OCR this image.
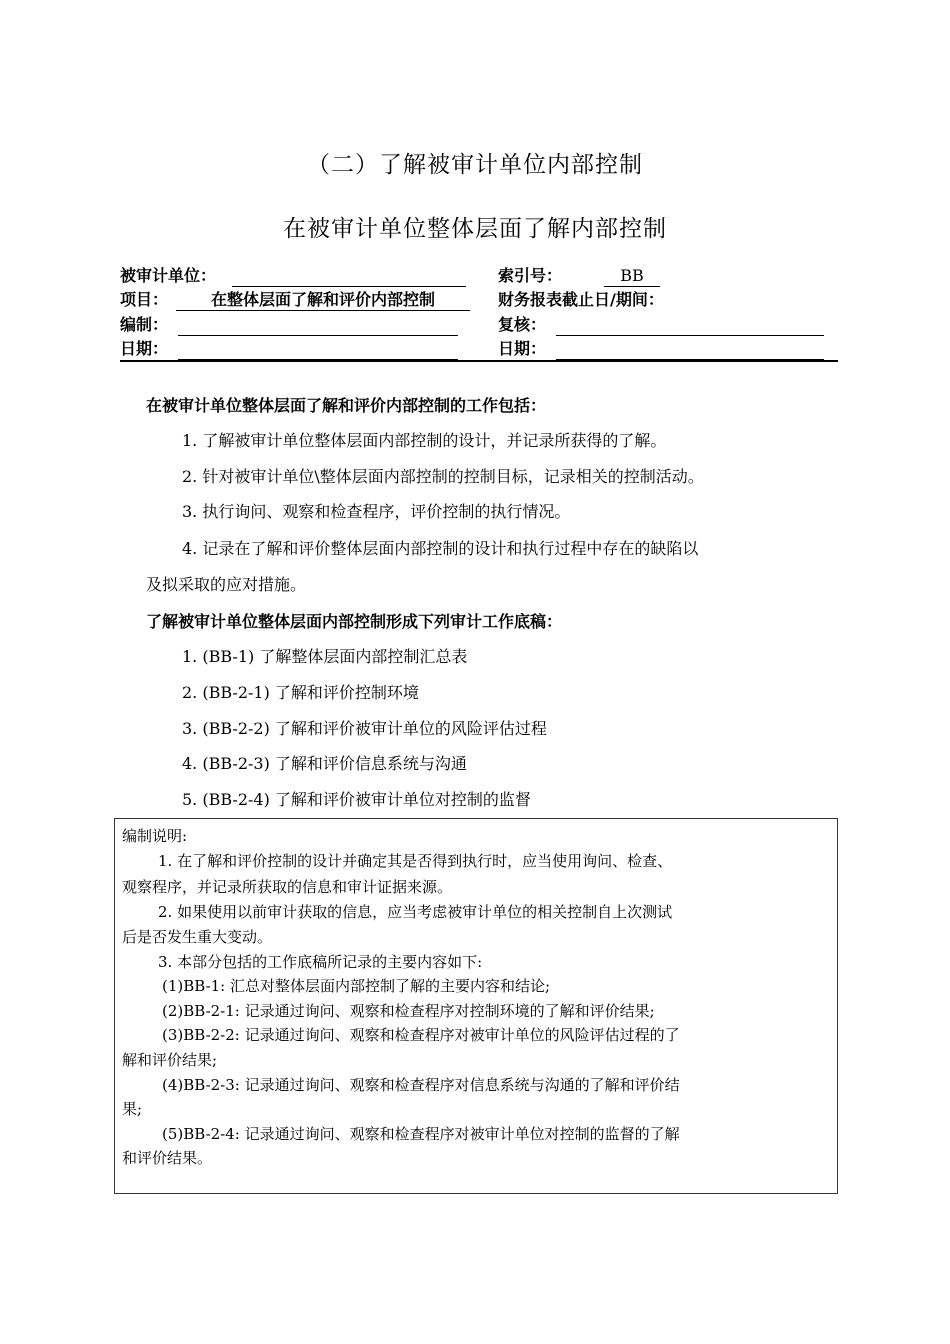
（二）了解被审计单位内部控制
在被审计单位整体层面了解内部控制
被审计单位：	索引号：	BB
项目：	在整体层面了解和评价内部控制	财务报表截止日/期间：
编制：	复核：
日期：	日期：
在被审计单位整体层面了解和评价内部控制的工作包括：
1. 了解被审计单位整体层面内部控制的设计，并记录所获得的了解。
2. 针对被审计单位\整体层面内部控制的控制目标，记录相关的控制活动。
3. 执行询问、观察和检查程序，评价控制的执行情况。
4. 记录在了解和评价整体层面内部控制的设计和执行过程中存在的缺陷以
及拟采取的应对措施。
了解被审计单位整体层面内部控制形成下列审计工作底稿：
1. (BB-1) 了解整体层面内部控制汇总表
2. (BB-2-1) 了解和评价控制环境
3. (BB-2-2) 了解和评价被审计单位的风险评估过程
4. (BB-2-3) 了解和评价信息系统与沟通
5. (BB-2-4) 了解和评价被审计单位对控制的监督
编制说明:
1. 在了解和评价控制的设计并确定其是否得到执行时，应当使用询问、检查、
观察程序，并记录所获取的信息和审计证据来源。
2. 如果使用以前审计获取的信息，应当考虑被审计单位的相关控制自上次测试
后是否发生重大变动。
3. 本部分包括的工作底稿所记录的主要内容如下:
(1)BB-1: 汇总对整体层面内部控制了解的主要内容和结论;
(2)BB-2-1: 记录通过询问、观察和检查程序对控制环境的了解和评价结果;
(3)BB-2-2: 记录通过询问、观察和检查程序对被审计单位的风险评估过程的了
解和评价结果;
(4)BB-2-3: 记录通过询问、观察和检查程序对信息系统与沟通的了解和评价结
果;
(5)BB-2-4: 记录通过询问、观察和检查程序对被审计单位对控制的监督的了解
和评价结果。
